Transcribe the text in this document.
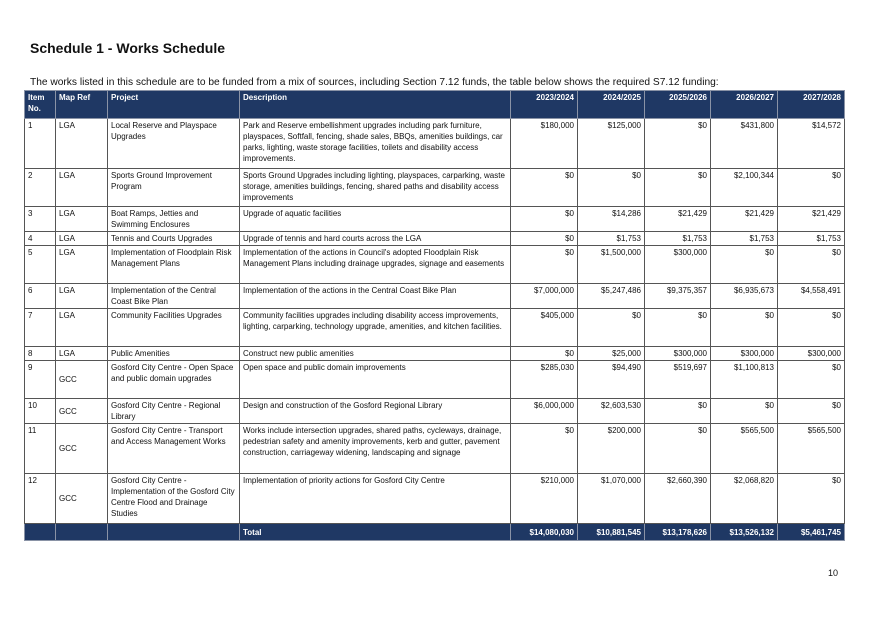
Schedule 1 - Works Schedule
The works listed in this schedule are to be funded from a mix of sources, including Section 7.12 funds, the table below shows the required S7.12 funding:
Item No.	Map Ref	Project	Description	2023/2024	2024/2025	2025/2026	2026/2027	2027/2028
1	LGA	Local Reserve and Playspace Upgrades	Park and Reserve embellishment upgrades including park furniture, playspaces, Softfall, fencing, shade sales, BBQs, amenities buildings, car parks, lighting, waste storage facilities, toilets and disability access improvements.	$180,000	$125,000	$0	$431,800	$14,572
2	LGA	Sports Ground Improvement Program	Sports Ground Upgrades including lighting, playspaces, carparking, waste storage, amenities buildings, fencing, shared paths and disability access improvements	$0	$0	$0	$2,100,344	$0
3	LGA	Boat Ramps, Jetties and Swimming Enclosures	Upgrade of aquatic facilities	$0	$14,286	$21,429	$21,429	$21,429
4	LGA	Tennis and Courts Upgrades	Upgrade of tennis and hard courts across the LGA	$0	$1,753	$1,753	$1,753	$1,753
5	LGA	Implementation of Floodplain Risk Management Plans	Implementation of the actions in Council's adopted Floodplain Risk Management Plans including drainage upgrades, signage and easements	$0	$1,500,000	$300,000	$0	$0
6	LGA	Implementation of the Central Coast Bike Plan	Implementation of the actions in the Central Coast Bike Plan	$7,000,000	$5,247,486	$9,375,357	$6,935,673	$4,558,491
7	LGA	Community Facilities Upgrades	Community facilities upgrades including disability access improvements, lighting, carparking, technology upgrade, amenities, and kitchen facilities.	$405,000	$0	$0	$0	$0
8	LGA	Public Amenities	Construct new public amenities	$0	$25,000	$300,000	$300,000	$300,000
9	GCC	Gosford City Centre - Open Space and public domain upgrades	Open space and public domain improvements	$285,030	$94,490	$519,697	$1,100,813	$0
10	GCC	Gosford City Centre - Regional Library	Design and construction of the Gosford Regional Library	$6,000,000	$2,603,530	$0	$0	$0
11	GCC	Gosford City Centre - Transport and Access Management Works	Works include intersection upgrades, shared paths, cycleways, drainage, pedestrian safety and amenity improvements, kerb and gutter, pavement construction, carriageway widening, landscaping and signage	$0	$200,000	$0	$565,500	$565,500
12	GCC	Gosford City Centre - Implementation of the Gosford City Centre Flood and Drainage Studies	Implementation of priority actions for Gosford City Centre	$210,000	$1,070,000	$2,660,390	$2,068,820	$0
			Total	$14,080,030	$10,881,545	$13,178,626	$13,526,132	$5,461,745
10
